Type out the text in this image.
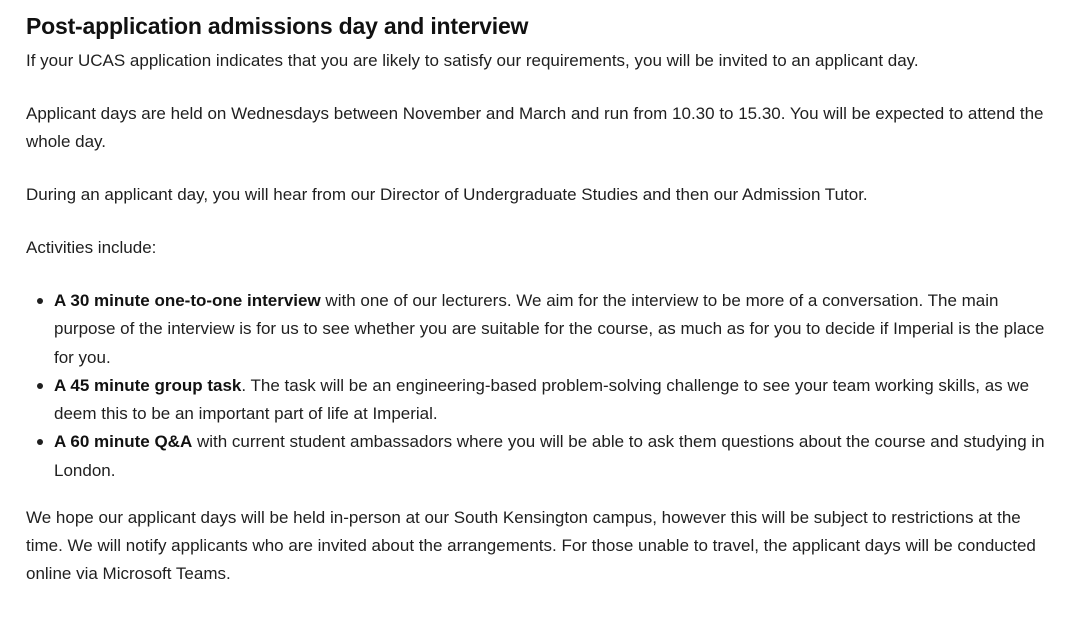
Post-application admissions day and interview

If your UCAS application indicates that you are likely to satisfy our requirements, you will be invited to an applicant day.

Applicant days are held on Wednesdays between November and March and run from 10.30 to 15.30. You will be expected to attend the whole day.

During an applicant day, you will hear from our Director of Undergraduate Studies and then our Admission Tutor.

Activities include:

A 30 minute one-to-one interview with one of our lecturers. We aim for the interview to be more of a conversation. The main purpose of the interview is for us to see whether you are suitable for the course, as much as for you to decide if Imperial is the place for you.
A 45 minute group task. The task will be an engineering-based problem-solving challenge to see your team working skills, as we deem this to be an important part of life at Imperial.
A 60 minute Q&A with current student ambassadors where you will be able to ask them questions about the course and studying in London.

We hope our applicant days will be held in-person at our South Kensington campus, however this will be subject to restrictions at the time. We will notify applicants who are invited about the arrangements. For those unable to travel, the applicant days will be conducted online via Microsoft Teams.
